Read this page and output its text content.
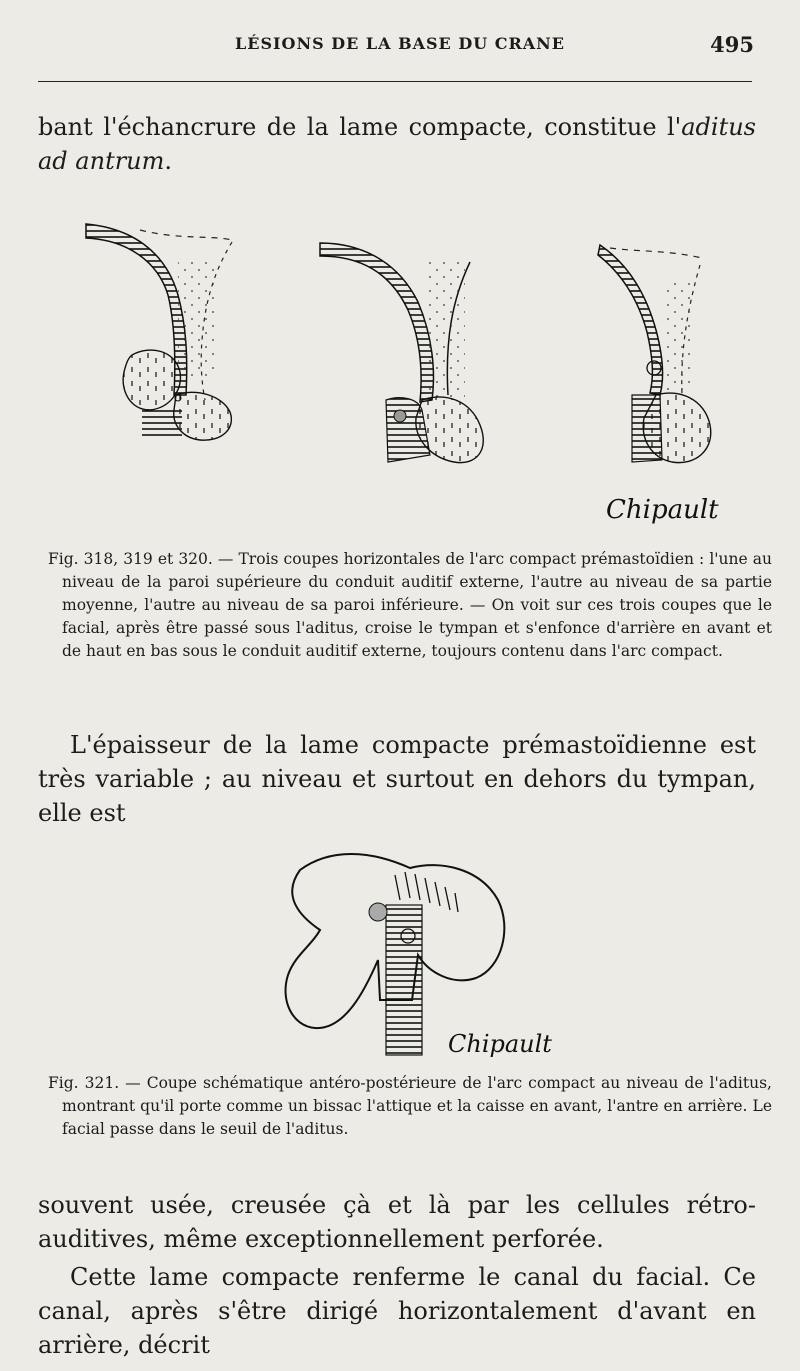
LÉSIONS DE LA BASE DU CRANE	495
bant l'échancrure de la lame compacte, constitue l'aditus ad antrum.
Chipault
Chipault
Fig. 318, 319 et 320. — Trois coupes horizontales de l'arc compact prémastoïdien : l'une au niveau de la paroi supérieure du conduit auditif externe, l'autre au niveau de sa partie moyenne, l'autre au niveau de sa paroi inférieure. — On voit sur ces trois coupes que le facial, après être passé sous l'aditus, croise le tympan et s'enfonce d'arrière en avant et de haut en bas sous le conduit auditif externe, toujours contenu dans l'arc compact.
L'épaisseur de la lame compacte prémastoïdienne est très variable ; au niveau et surtout en dehors du tympan, elle est
Fig. 321. — Coupe schématique antéro-postérieure de l'arc compact au niveau de l'aditus, montrant qu'il porte comme un bissac l'attique et la caisse en avant, l'antre en arrière. Le facial passe dans le seuil de l'aditus.
souvent usée, creusée çà et là par les cellules rétro-auditives, même exceptionnellement perforée.
Cette lame compacte renferme le canal du facial. Ce canal, après s'être dirigé horizontalement d'avant en arrière, décrit
